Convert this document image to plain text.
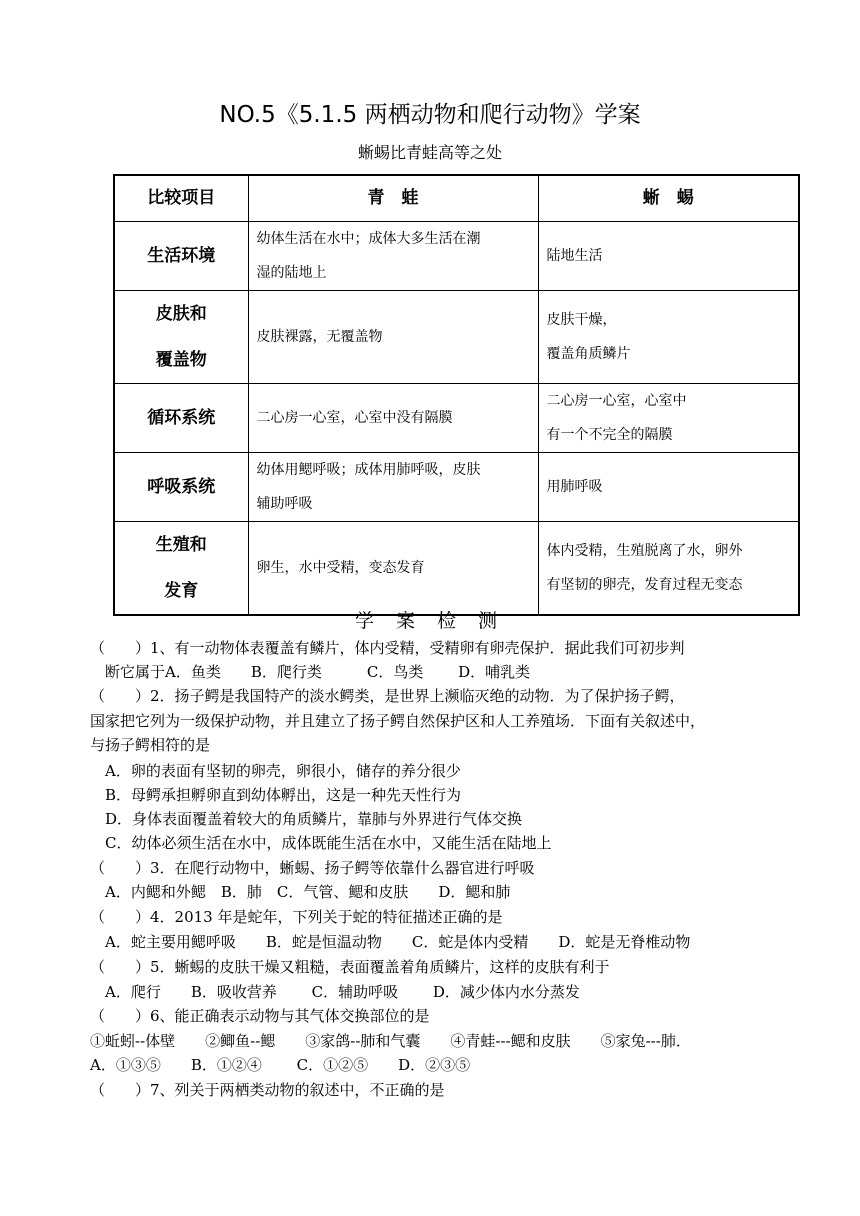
NO.5《5.1.5 两栖动物和爬行动物》学案
蜥蜴比青蛙高等之处
比较项目	青　蛙	蜥　蜴

生活环境	幼体生活在水中；成体大多生活在潮
湿的陆地上	陆地生活

皮肤和
覆盖物	皮肤裸露，无覆盖物	皮肤干燥，
覆盖角质鳞片

循环系统	二心房一心室，心室中没有隔膜	二心房一心室，心室中
有一个不完全的隔膜

呼吸系统	幼体用鳃呼吸；成体用肺呼吸，皮肤
辅助呼吸	用肺呼吸

生殖和
发育	卵生，水中受精，变态发育	体内受精，生殖脱离了水，卵外
有坚韧的卵壳，发育过程无变态
学 案 检 测
（　　）1、有一动物体表覆盖有鳞片，体内受精，受精卵有卵壳保护．据此我们可初步判
　断它属于A．鱼类　　B．爬行类　　　C．鸟类　　 D．哺乳类
（　　）2．扬子鳄是我国特产的淡水鳄类，是世界上濒临灭绝的动物．为了保护扬子鳄，
国家把它列为一级保护动物，并且建立了扬子鳄自然保护区和人工养殖场．下面有关叙述中，
与扬子鳄相符的是
　A．卵的表面有坚韧的卵壳，卵很小，储存的养分很少
　B．母鳄承担孵卵直到幼体孵出，这是一种先天性行为
　D．身体表面覆盖着较大的角质鳞片，靠肺与外界进行气体交换
　C．幼体必须生活在水中，成体既能生活在水中，又能生活在陆地上
（　　）3．在爬行动物中，蜥蜴、扬子鳄等依靠什么器官进行呼吸
　A．内鳃和外鳃　B．肺　C．气管、鳃和皮肤　　D．鳃和肺
（　　）4．2013 年是蛇年，下列关于蛇的特征描述正确的是
　A．蛇主要用鳃呼吸　　B．蛇是恒温动物　　C．蛇是体内受精　　D．蛇是无脊椎动物
（　　）5．蜥蜴的皮肤干燥又粗糙，表面覆盖着角质鳞片，这样的皮肤有利于
　A．爬行　　B．吸收营养　　 C．辅助呼吸　　 D．减少体内水分蒸发
（　　）6、能正确表示动物与其气体交换部位的是
①蚯蚓--体壁　　②鲫鱼--鳃　　③家鸽--肺和气囊　　④青蛙---鳃和皮肤　　⑤家兔---肺．
A．①③⑤　　B．①②④　　 C．①②⑤　　D．②③⑤
（　　）7、列关于两栖类动物的叙述中，不正确的是
